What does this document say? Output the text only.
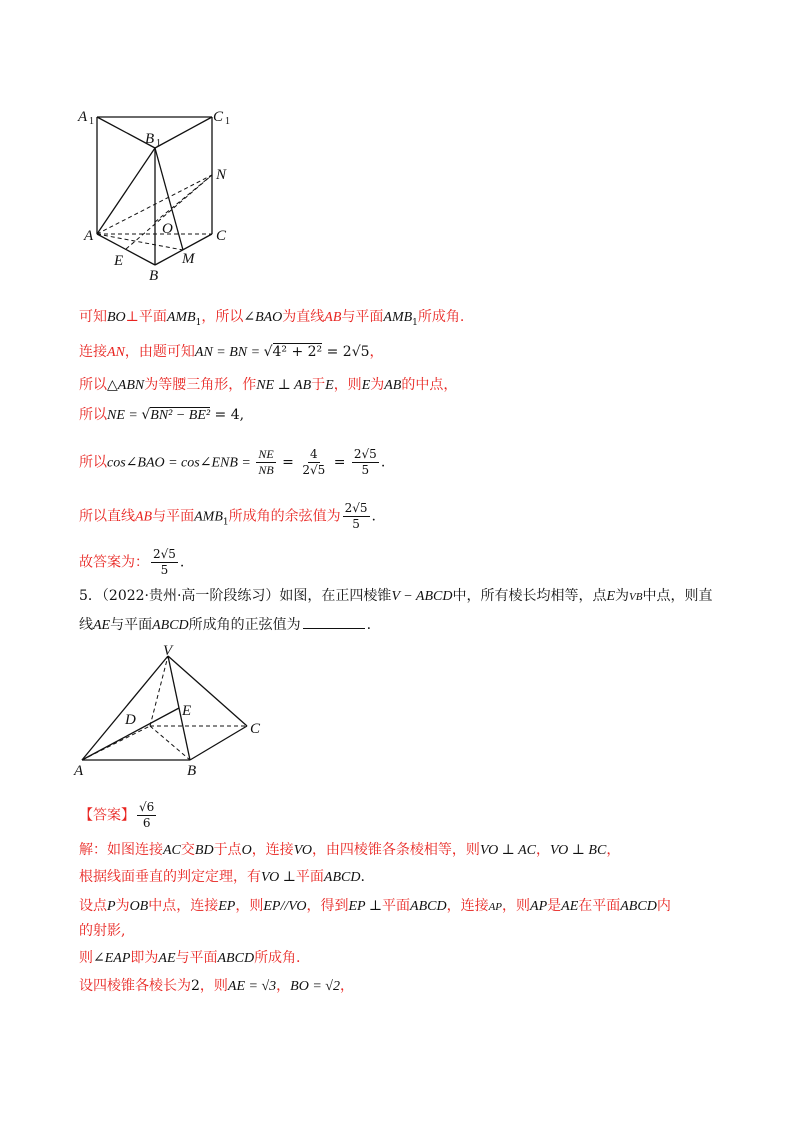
A 1
B 1
C 1
N
A	O	C
E
B
M
可知BO⊥平面$AMB_1$，所以∠BAO为直线AB与平面$AMB_1$所成角.
连接AN，由题可知AN = BN = √4² + 2² = 2√5，
所以△ABN为等腰三角形，作NE ⊥ AB于E，则E为AB的中点，
所以NE = √BN² − BE² = 4,
所以cos∠BAO = cos∠ENB = $\frac{NE}{NB} = \frac{4}{2√5} = \frac{2√5}{5}$ .
所以直线AB与平面$AMB_1$所成角的余弦值为 $\frac{2√5}{5}$ .
故答案为： $\frac{2√5}{5}$ .
5．（2022·贵州·高一阶段练习）如图，在正四棱锥V − ABCD中，所有棱长均相等，点E为VB中点，则直
线AE与平面ABCD所成角的正弦值为	.
V
D
E
C
A	B
【答案】 $\frac{√6}{6}$
解：如图连接AC交BD于点O，连接VO，由四棱锥各条棱相等，则VO ⊥ AC，VO ⊥ BC，
根据线面垂直的判定定理，有VO ⊥平面ABCD.
设点P为OB中点，连接EP，则EP//VO，得到EP ⊥平面ABCD，连接AP，则AP是AE在平面ABCD内
的射影,
则∠EAP即为AE与平面ABCD所成角.
设四棱锥各棱长为2，则AE = √3，BO = √2，
